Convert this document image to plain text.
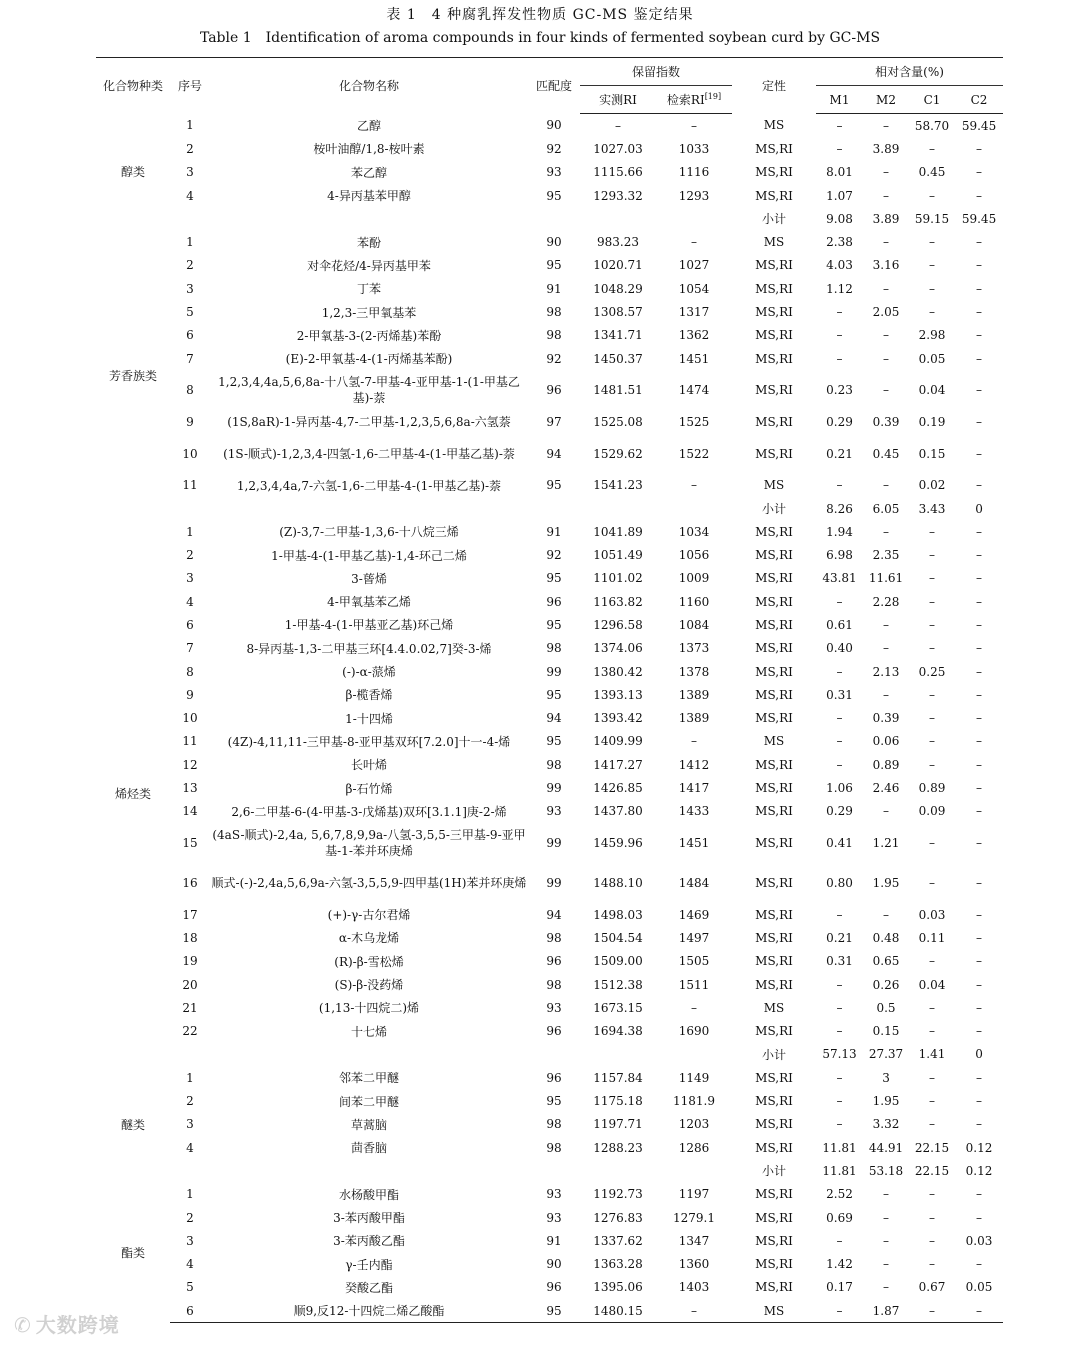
表 1　4 种腐乳挥发性物质 GC-MS 鉴定结果
Table 1　Identification of aroma compounds in four kinds of fermented soybean curd by GC-MS
化合物种类	序号	化合物名称	匹配度	保留指数		定性	相对含量(%)			
				实测RI	检索RI[19]		M1	M2	C1	C2
醇类	1	乙醇	90	–	–	MS	–	–	58.70	59.45
	2	桉叶油醇/1,8-桉叶素	92	1027.03	1033	MS,RI	–	3.89	–	–
	3	苯乙醇	93	1115.66	1116	MS,RI	8.01	–	0.45	–
	4	4-异丙基苯甲醇	95	1293.32	1293	MS,RI	1.07	–	–	–
						小计	9.08	3.89	59.15	59.45
芳香族类	1	苯酚	90	983.23	–	MS	2.38	–	–	–
	2	对伞花烃/4-异丙基甲苯	95	1020.71	1027	MS,RI	4.03	3.16	–	–
	3	丁苯	91	1048.29	1054	MS,RI	1.12	–	–	–
	5	1,2,3-三甲氧基苯	98	1308.57	1317	MS,RI	–	2.05	–	–
	6	2-甲氧基-3-(2-丙烯基)苯酚	98	1341.71	1362	MS,RI	–	–	2.98	–
	7	(E)-2-甲氧基-4-(1-丙烯基苯酚)	92	1450.37	1451	MS,RI	–	–	0.05	–
	8	1,2,3,4,4a,5,6,8a-十八氢-7-甲基-4-亚甲基-1-(1-甲基乙基)-萘	96	1481.51	1474	MS,RI	0.23	–	0.04	–
	9	(1S,8aR)-1-异丙基-4,7-二甲基-1,2,3,5,6,8a-六氢萘	97	1525.08	1525	MS,RI	0.29	0.39	0.19	–
	10	(1S-顺式)-1,2,3,4-四氢-1,6-二甲基-4-(1-甲基乙基)-萘	94	1529.62	1522	MS,RI	0.21	0.45	0.15	–
	11	1,2,3,4,4a,7-六氢-1,6-二甲基-4-(1-甲基乙基)-萘	95	1541.23	–	MS	–	–	0.02	–
						小计	8.26	6.05	3.43	0
烯烃类	1	(Z)-3,7-二甲基-1,3,6-十八烷三烯	91	1041.89	1034	MS,RI	1.94	–	–	–
	2	1-甲基-4-(1-甲基乙基)-1,4-环己二烯	92	1051.49	1056	MS,RI	6.98	2.35	–	–
	3	3-蒈烯	95	1101.02	1009	MS,RI	43.81	11.61	–	–
	4	4-甲氧基苯乙烯	96	1163.82	1160	MS,RI	–	2.28	–	–
	6	1-甲基-4-(1-甲基亚乙基)环己烯	95	1296.58	1084	MS,RI	0.61	–	–	–
	7	8-异丙基-1,3-二甲基三环[4.4.0.02,7]癸-3-烯	98	1374.06	1373	MS,RI	0.40	–	–	–
	8	(-)-α-蒎烯	99	1380.42	1378	MS,RI	–	2.13	0.25	–
	9	β-榄香烯	95	1393.13	1389	MS,RI	0.31	–	–	–
	10	1-十四烯	94	1393.42	1389	MS,RI	–	0.39	–	–
	11	(4Z)-4,11,11-三甲基-8-亚甲基双环[7.2.0]十一-4-烯	95	1409.99	–	MS	–	0.06	–	–
	12	长叶烯	98	1417.27	1412	MS,RI	–	0.89	–	–
	13	β-石竹烯	99	1426.85	1417	MS,RI	1.06	2.46	0.89	–
	14	2,6-二甲基-6-(4-甲基-3-戊烯基)双环[3.1.1]庚-2-烯	93	1437.80	1433	MS,RI	0.29	–	0.09	–
	15	(4aS-顺式)-2,4a, 5,6,7,8,9,9a-八氢-3,5,5-三甲基-9-亚甲基-1-苯并环庚烯	99	1459.96	1451	MS,RI	0.41	1.21	–	–
	16	顺式-(-)-2,4a,5,6,9a-六氢-3,5,5,9-四甲基(1H)苯并环庚烯	99	1488.10	1484	MS,RI	0.80	1.95	–	–
	17	(+)-γ-古尔君烯	94	1498.03	1469	MS,RI	–	–	0.03	–
	18	α-木乌龙烯	98	1504.54	1497	MS,RI	0.21	0.48	0.11	–
	19	(R)-β-雪松烯	96	1509.00	1505	MS,RI	0.31	0.65	–	–
	20	(S)-β-没药烯	98	1512.38	1511	MS,RI	–	0.26	0.04	–
	21	(1,13-十四烷二)烯	93	1673.15	–	MS	–	0.5	–	–
	22	十七烯	96	1694.38	1690	MS,RI	–	0.15	–	–
						小计	57.13	27.37	1.41	0
醚类	1	邻苯二甲醚	96	1157.84	1149	MS,RI	–	3	–	–
	2	间苯二甲醚	95	1175.18	1181.9	MS,RI	–	1.95	–	–
	3	草蒿脑	98	1197.71	1203	MS,RI	–	3.32	–	–
	4	茴香脑	98	1288.23	1286	MS,RI	11.81	44.91	22.15	0.12
						小计	11.81	53.18	22.15	0.12
酯类	1	水杨酸甲酯	93	1192.73	1197	MS,RI	2.52	–	–	–
	2	3-苯丙酸甲酯	93	1276.83	1279.1	MS,RI	0.69	–	–	–
	3	3-苯丙酸乙酯	91	1337.62	1347	MS,RI	–	–	–	0.03
	4	γ-壬内酯	90	1363.28	1360	MS,RI	1.42	–	–	–
	5	癸酸乙酯	96	1395.06	1403	MS,RI	0.17	–	0.67	0.05
	6	顺9,反12-十四烷二烯乙酸酯	95	1480.15	–	MS	–	1.87	–	–
✆ 大数跨境
